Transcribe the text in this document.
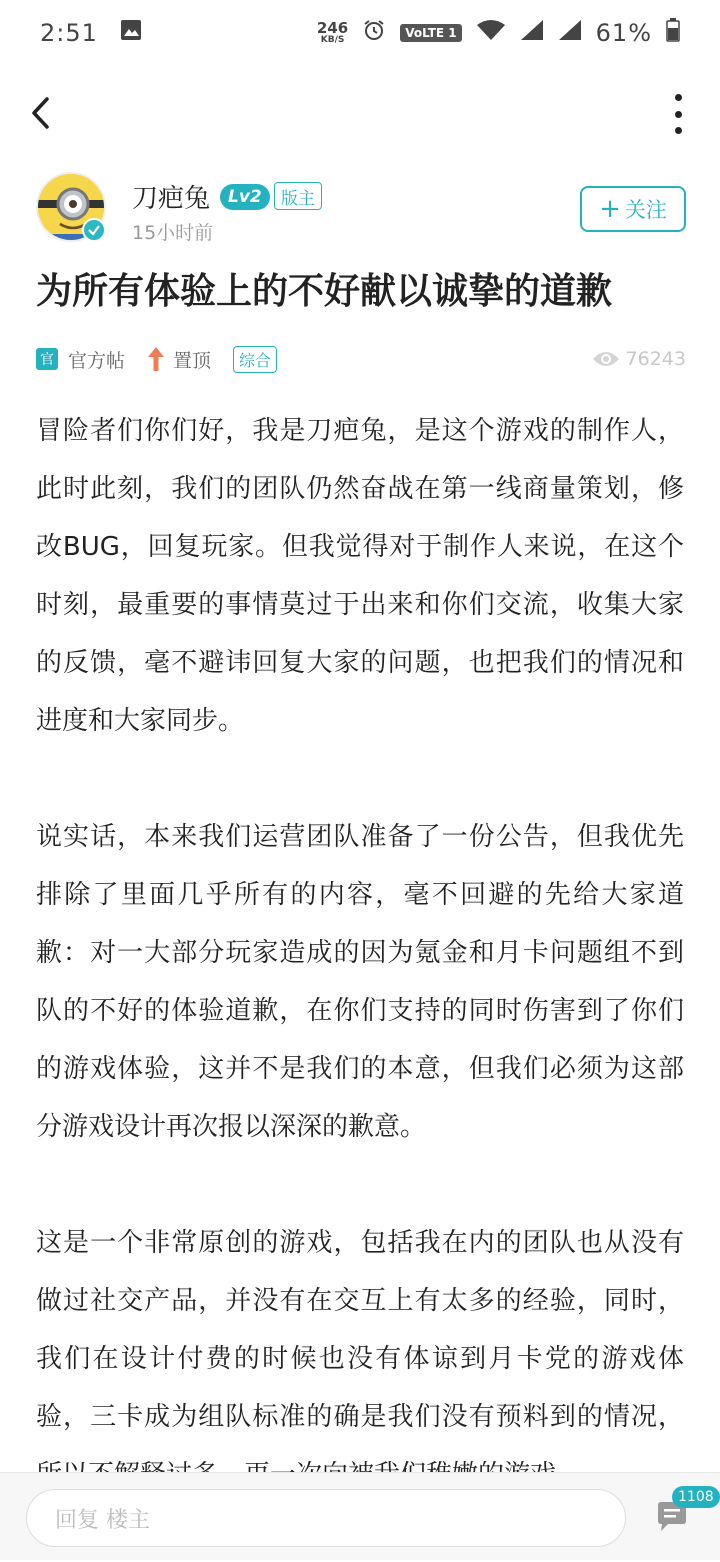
2:51	246
KB/S	VoLTE 1	61%
刀疤兔	Lv2	版主
15小时前
+ 关注
为所有体验上的不好献以诚挚的道歉
官 官方帖	置顶	综合	76243

冒险者们你们好，我是刀疤兔，是这个游戏的制作人，此时此刻，我们的团队仍然奋战在第一线商量策划，修改BUG，回复玩家。但我觉得对于制作人来说，在这个时刻，最重要的事情莫过于出来和你们交流，收集大家的反馈，毫不避讳回复大家的问题，也把我们的情况和进度和大家同步。

说实话，本来我们运营团队准备了一份公告，但我优先排除了里面几乎所有的内容，毫不回避的先给大家道歉：对一大部分玩家造成的因为氪金和月卡问题组不到队的不好的体验道歉，在你们支持的同时伤害到了你们的游戏体验，这并不是我们的本意，但我们必须为这部分游戏设计再次报以深深的歉意。

这是一个非常原创的游戏，包括我在内的团队也从没有做过社交产品，并没有在交互上有太多的经验，同时，我们在设计付费的时候也没有体谅到月卡党的游戏体验，三卡成为组队标准的确是我们没有预料到的情况，

回复 楼主
1108
